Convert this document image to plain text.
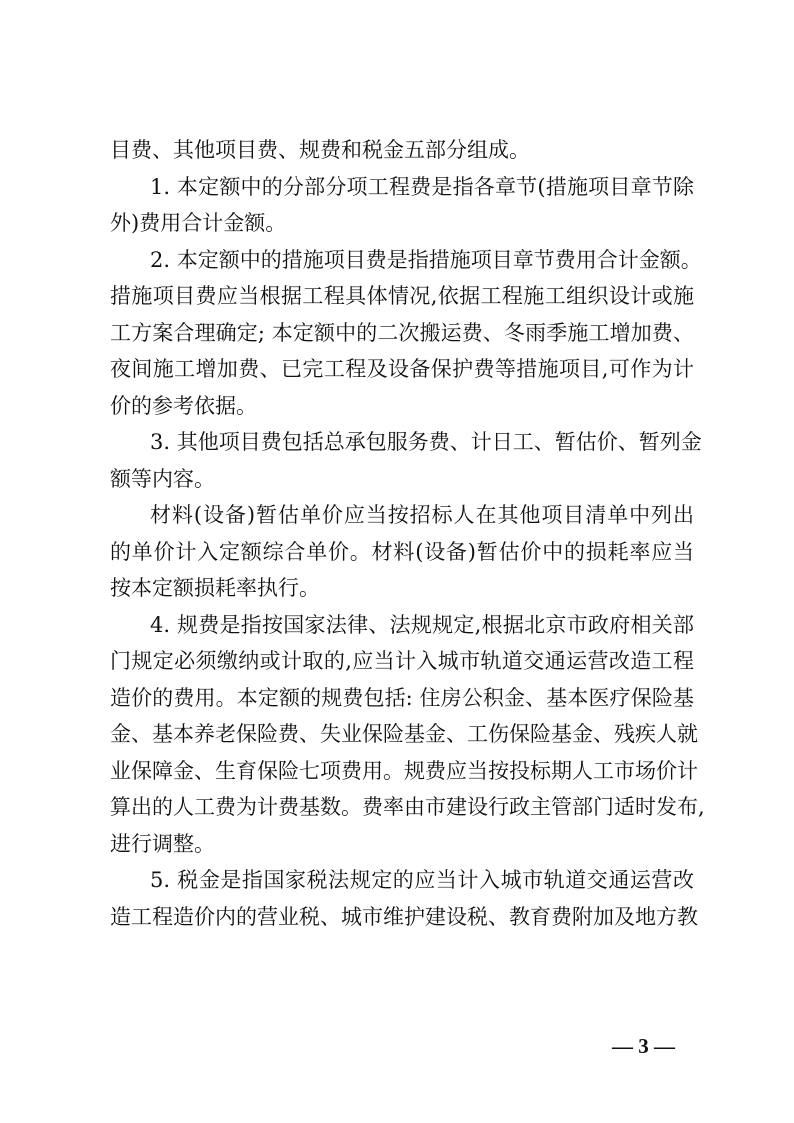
目费、其他项目费、规费和税金五部分组成。
1. 本定额中的分部分项工程费是指各章节(措施项目章节除
外)费用合计金额。
2. 本定额中的措施项目费是指措施项目章节费用合计金额。
措施项目费应当根据工程具体情况,依据工程施工组织设计或施
工方案合理确定; 本定额中的二次搬运费、冬雨季施工增加费、
夜间施工增加费、已完工程及设备保护费等措施项目,可作为计
价的参考依据。
3. 其他项目费包括总承包服务费、计日工、暂估价、暂列金
额等内容。
材料(设备)暂估单价应当按招标人在其他项目清单中列出
的单价计入定额综合单价。材料(设备)暂估价中的损耗率应当
按本定额损耗率执行。
4. 规费是指按国家法律、法规规定,根据北京市政府相关部
门规定必须缴纳或计取的,应当计入城市轨道交通运营改造工程
造价的费用。本定额的规费包括: 住房公积金、基本医疗保险基
金、基本养老保险费、失业保险基金、工伤保险基金、残疾人就
业保障金、生育保险七项费用。规费应当按投标期人工市场价计
算出的人工费为计费基数。费率由市建设行政主管部门适时发布,
进行调整。
5. 税金是指国家税法规定的应当计入城市轨道交通运营改
造工程造价内的营业税、城市维护建设税、教育费附加及地方教
— 3 —
